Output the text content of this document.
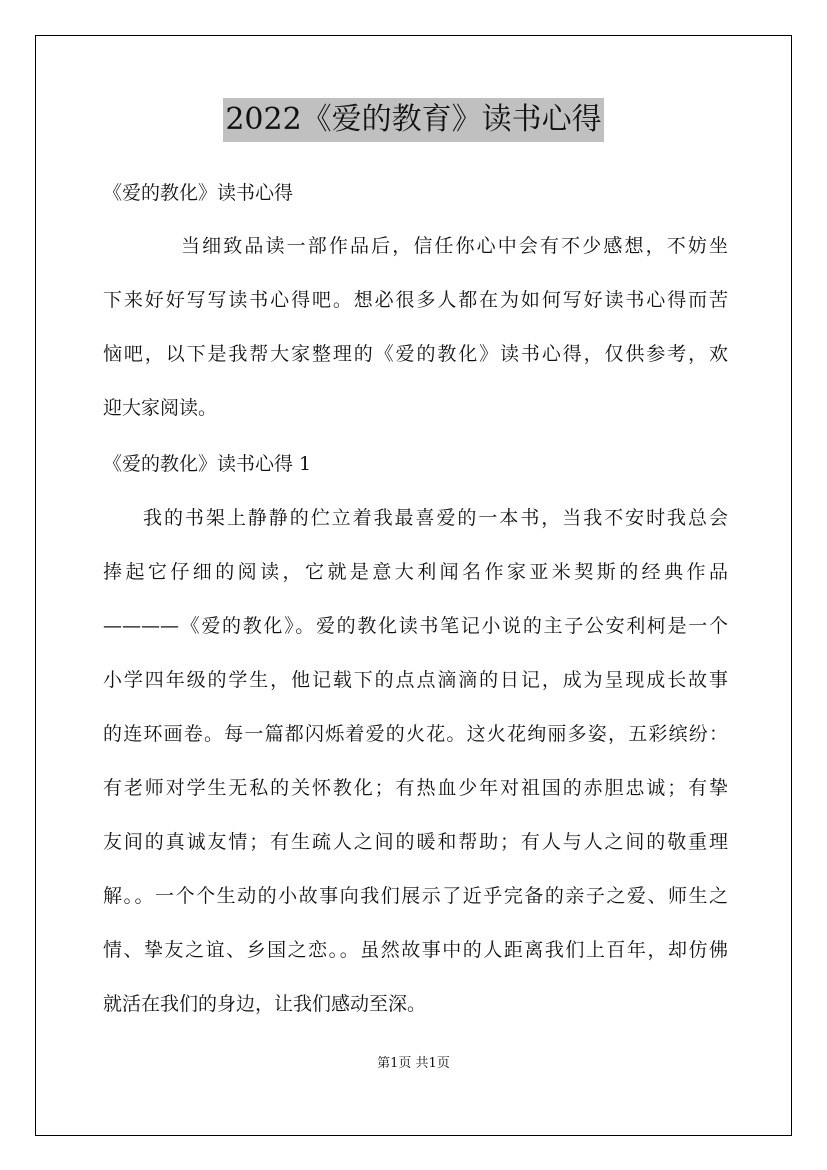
2022《爱的教育》读书心得
《爱的教化》读书心得
当细致品读一部作品后，信任你心中会有不少感想，不妨坐
下来好好写写读书心得吧。想必很多人都在为如何写好读书心得而苦
恼吧，以下是我帮大家整理的《爱的教化》读书心得，仅供参考，欢
迎大家阅读。
《爱的教化》读书心得 1
我的书架上静静的伫立着我最喜爱的一本书，当我不安时我总会
捧起它仔细的阅读，它就是意大利闻名作家亚米契斯的经典作品
————《爱的教化》。爱的教化读书笔记小说的主子公安利柯是一个
小学四年级的学生，他记载下的点点滴滴的日记，成为呈现成长故事
的连环画卷。每一篇都闪烁着爱的火花。这火花绚丽多姿，五彩缤纷：
有老师对学生无私的关怀教化；有热血少年对祖国的赤胆忠诚；有挚
友间的真诚友情；有生疏人之间的暖和帮助；有人与人之间的敬重理
解。。一个个生动的小故事向我们展示了近乎完备的亲子之爱、师生之
情、挚友之谊、乡国之恋。。虽然故事中的人距离我们上百年，却仿佛
就活在我们的身边，让我们感动至深。
第1页 共1页
